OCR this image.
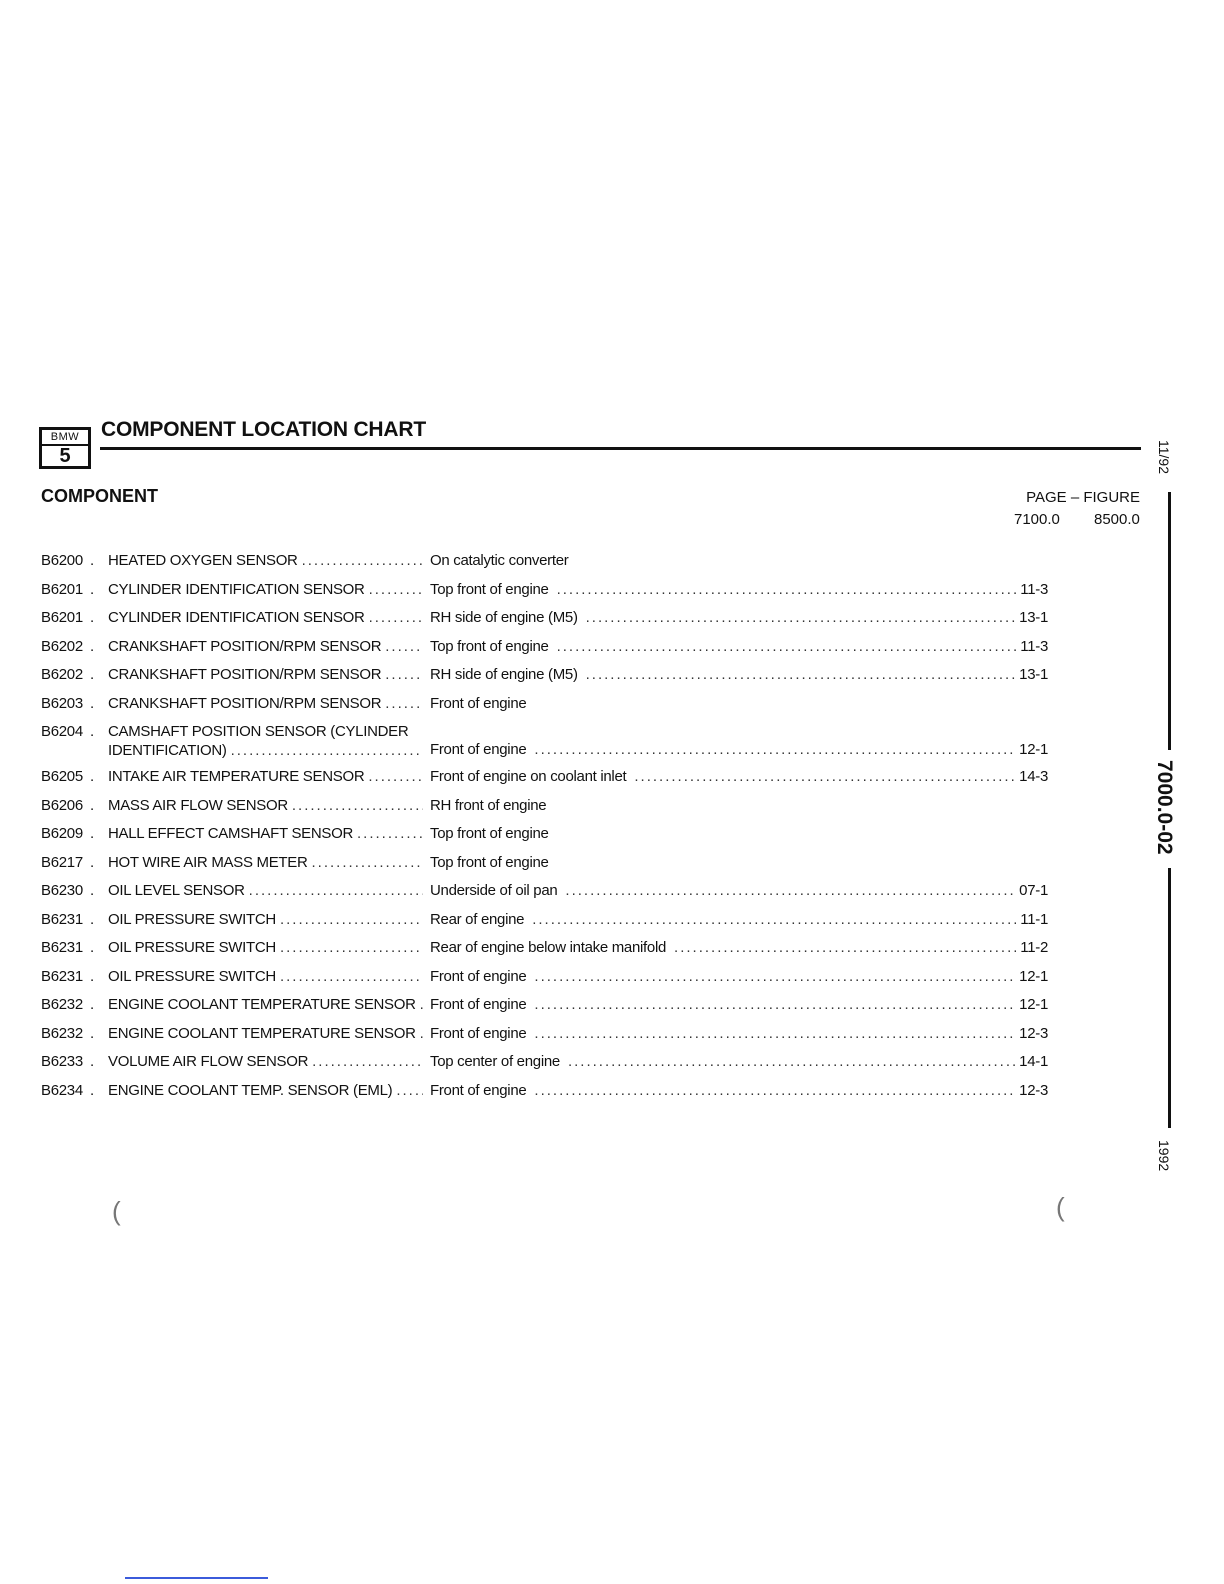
BMW
5
COMPONENT LOCATION CHART
COMPONENT	PAGE – FIGURE
7100.0 8500.0
B6200 . HEATED OXYGEN SENSOR .....	On catalytic converter
B6201 . CYLINDER IDENTIFICATION SENSOR .....	Top front of engine .....	11-3
B6201 . CYLINDER IDENTIFICATION SENSOR .....	RH side of engine (M5) .....	13-1
B6202 . CRANKSHAFT POSITION/RPM SENSOR .....	Top front of engine .....	11-3
B6202 . CRANKSHAFT POSITION/RPM SENSOR .....	RH side of engine (M5) .....	13-1
B6203 . CRANKSHAFT POSITION/RPM SENSOR .....	Front of engine
B6204 . CAMSHAFT POSITION SENSOR (CYLINDER
IDENTIFICATION) .....	Front of engine .....	12-1
B6205 . INTAKE AIR TEMPERATURE SENSOR .....	Front of engine on coolant inlet .....	14-3
B6206 . MASS AIR FLOW SENSOR .....	RH front of engine
B6209 . HALL EFFECT CAMSHAFT SENSOR .....	Top front of engine
B6217 . HOT WIRE AIR MASS METER .....	Top front of engine
B6230 . OIL LEVEL SENSOR .....	Underside of oil pan .....	07-1
B6231 . OIL PRESSURE SWITCH .....	Rear of engine .....	11-1
B6231 . OIL PRESSURE SWITCH .....	Rear of engine below intake manifold .....	11-2
B6231 . OIL PRESSURE SWITCH .....	Front of engine .....	12-1
B6232 . ENGINE COOLANT TEMPERATURE SENSOR ..... Front of engine .....	12-1
B6232 . ENGINE COOLANT TEMPERATURE SENSOR ..... Front of engine .....	12-3
B6233 . VOLUME AIR FLOW SENSOR .....	Top center of engine .....	14-1
B6234 . ENGINE COOLANT TEMP. SENSOR (EML) .....	Front of engine .....	12-3
11/92
7000.0-02
1992
(	(
